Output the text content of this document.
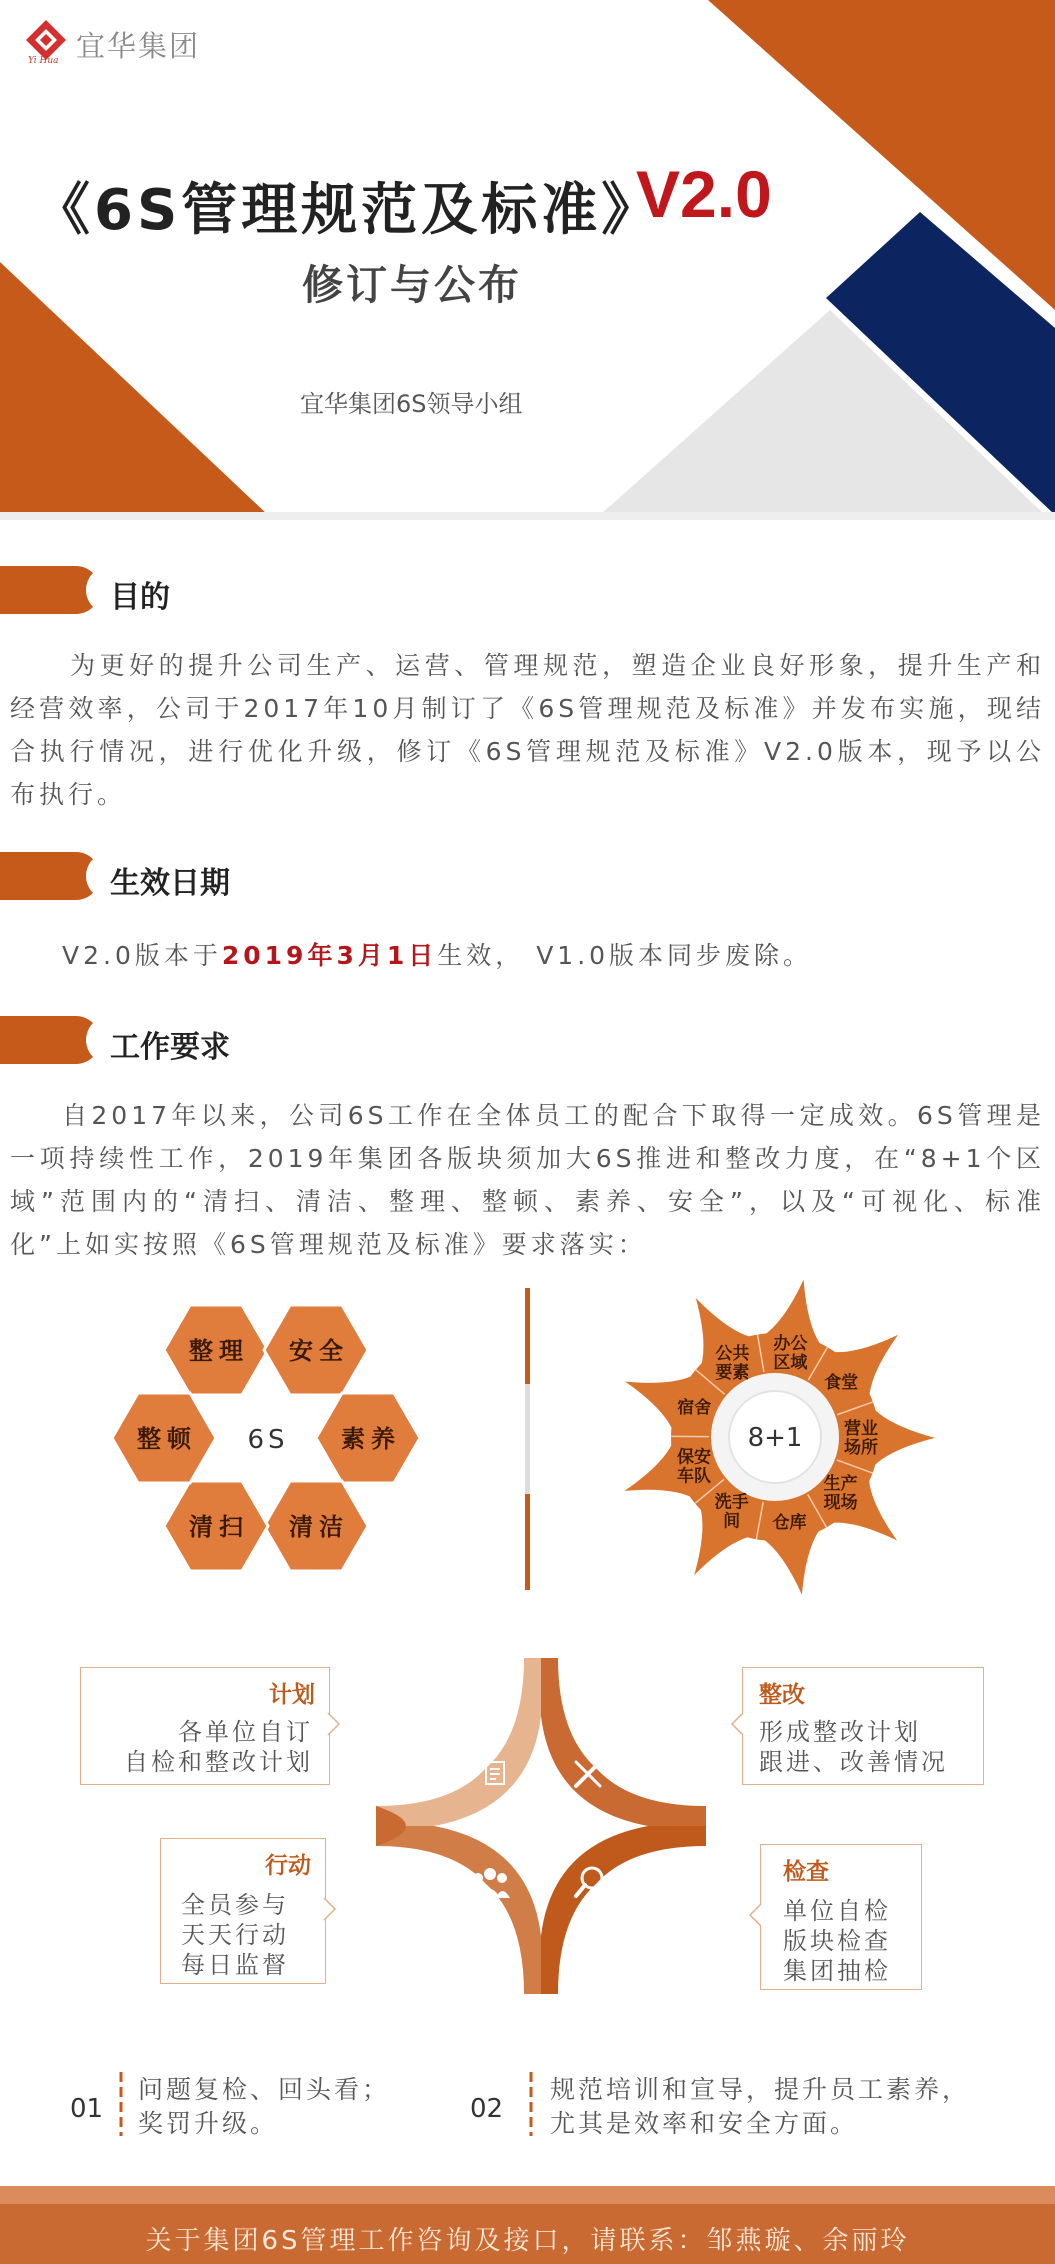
Yi Hua 宜华集团
《6S管理规范及标准》
V2.0
修订与公布
宜华集团6S领导小组
目的

为更好的提升公司生产、运营、管理规范，塑造企业良好形象，提升生产和经营效率，公司于2017年10月制订了《6S管理规范及标准》并发布实施，现结合执行情况，进行优化升级，修订《6S管理规范及标准》V2.0版本，现予以公布执行。

生效日期

V2.0版本于2019年3月1日生效， V1.0版本同步废除。

工作要求

自2017年以来，公司6S工作在全体员工的配合下取得一定成效。6S管理是一项持续性工作，2019年集团各版块须加大6S推进和整改力度，在“8+1个区域”范围内的“清扫、清洁、整理、整顿、素养、安全”，以及“可视化、标准化”上如实按照《6S管理规范及标准》要求落实：

整理 安全
素养
清洁
清扫
整顿 6S	8+1
办公
区域
食堂
营业
场所
生产
现场
仓库
洗手
间
保安
车队
宿舍
公共
要素
计划
各单位自订
自检和整改计划
整改
形成整改计划
跟进、改善情况
行动
全员参与
天天行动
每日监督
检查
单位自检
版块检查
集团抽检
01
问题复检、回头看；
奖罚升级。	02
规范培训和宣导，提升员工素养，
尤其是效率和安全方面。
关于集团6S管理工作咨询及接口，请联系：邹燕璇、余丽玲
